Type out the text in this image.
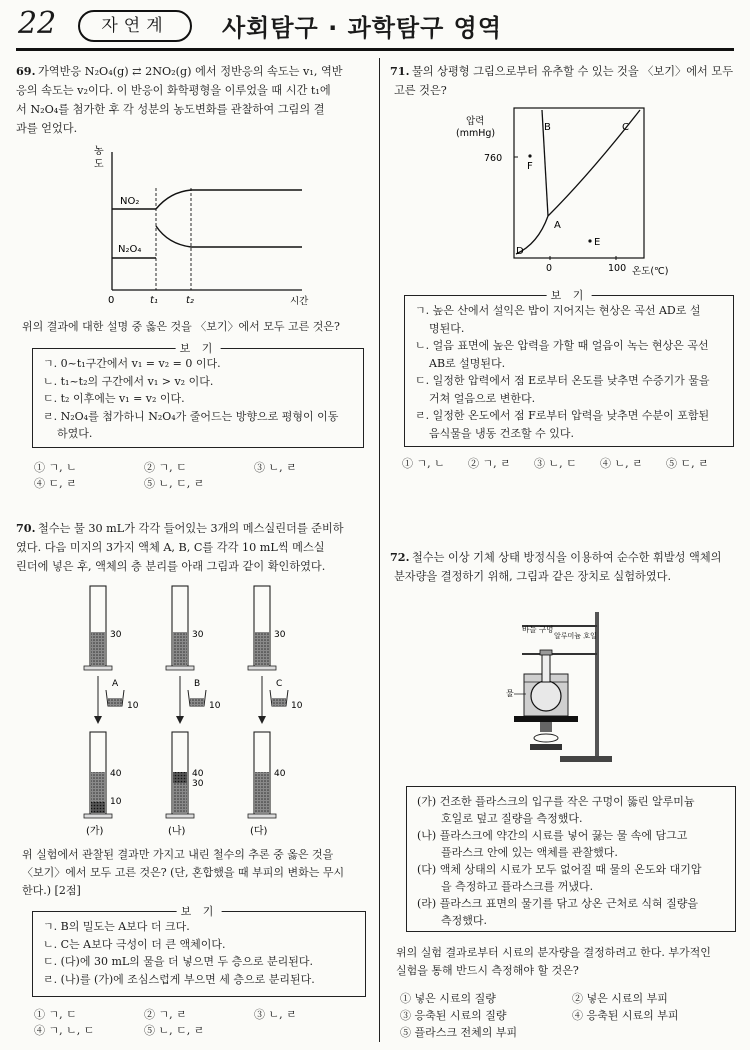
22	자연계	사회탐구 · 과학탐구 영역
69. 가역반응 N₂O₄(g) ⇄ 2NO₂(g) 에서 정반응의 속도는 v₁, 역반
응의 속도는 v₂이다. 이 반응이 화학평형을 이루었을 때 시간 t₁에
서 N₂O₄를 첨가한 후 각 성분의 농도변화를 관찰하여 그림의 결
과를 얻었다.
농
도
시간
0	t₁	t₂
NO₂
N₂O₄
위의 결과에 대한 설명 중 옳은 것을 〈보기〉에서 모두 고른 것은?
보 기
ㄱ. 0~t₁구간에서 v₁ = v₂ = 0 이다.
ㄴ. t₁~t₂의 구간에서 v₁ > v₂ 이다.
ㄷ. t₂ 이후에는 v₁ = v₂ 이다.
ㄹ. N₂O₄를 첨가하니 N₂O₄가 줄어드는 방향으로 평형이 이동
하였다.
① ㄱ, ㄴ	② ㄱ, ㄷ	③ ㄴ, ㄹ
④ ㄷ, ㄹ	⑤ ㄴ, ㄷ, ㄹ
70. 철수는 물 30 mL가 각각 들어있는 3개의 메스실린더를 준비하
였다. 다음 미지의 3가지 액체 A, B, C를 각각 10 mL씩 메스실
린더에 넣은 후, 액체의 층 분리를 아래 그림과 같이 확인하였다.
30	30	30
A
10
B
10
C
10
40
10
(가)
40
30
(나)
40
(다)
위 실험에서 관찰된 결과만 가지고 내린 철수의 추론 중 옳은 것을
〈보기〉에서 모두 고른 것은? (단, 혼합했을 때 부피의 변화는 무시
한다.) [2점]
보 기
ㄱ. B의 밀도는 A보다 더 크다.
ㄴ. C는 A보다 극성이 더 큰 액체이다.
ㄷ. (다)에 30 mL의 물을 더 넣으면 두 층으로 분리된다.
ㄹ. (나)를 (가)에 조심스럽게 부으면 세 층으로 분리된다.
① ㄱ, ㄷ	② ㄱ, ㄹ	③ ㄴ, ㄹ
④ ㄱ, ㄴ, ㄷ	⑤ ㄴ, ㄷ, ㄹ
71. 물의 상평형 그림으로부터 유추할 수 있는 것을 〈보기〉에서 모두
고른 것은?
압력
(mmHg)
760
0	100 온도(℃)
B	C
A
D
E
F
보 기
ㄱ. 높은 산에서 설익은 밥이 지어지는 현상은 곡선 AD로 설
명된다.
ㄴ. 얼음 표면에 높은 압력을 가할 때 얼음이 녹는 현상은 곡선
AB로 설명된다.
ㄷ. 일정한 압력에서 점 E로부터 온도를 낮추면 수증기가 물을
거쳐 얼음으로 변한다.
ㄹ. 일정한 온도에서 점 F로부터 압력을 낮추면 수분이 포함된
음식물을 냉동 건조할 수 있다.
① ㄱ, ㄴ ② ㄱ, ㄹ ③ ㄴ, ㄷ ④ ㄴ, ㄹ ⑤ ㄷ, ㄹ
72. 철수는 이상 기체 상태 방정식을 이용하여 순수한 휘발성 액체의
분자량을 결정하기 위해, 그림과 같은 장치로 실험하였다.
바늘 구멍
알루미늄 호일
물
(가) 건조한 플라스크의 입구를 작은 구멍이 뚫린 알루미늄
호일로 덮고 질량을 측정했다.
(나) 플라스크에 약간의 시료를 넣어 끓는 물 속에 담그고
플라스크 안에 있는 액체를 관찰했다.
(다) 액체 상태의 시료가 모두 없어질 때 물의 온도와 대기압
을 측정하고 플라스크를 꺼냈다.
(라) 플라스크 표면의 물기를 닦고 상온 근처로 식혀 질량을
측정했다.
위의 실험 결과로부터 시료의 분자량을 결정하려고 한다. 부가적인
실험을 통해 반드시 측정해야 할 것은?
① 넣은 시료의 질량	② 넣은 시료의 부피
③ 응축된 시료의 질량	④ 응축된 시료의 부피
⑤ 플라스크 전체의 부피
